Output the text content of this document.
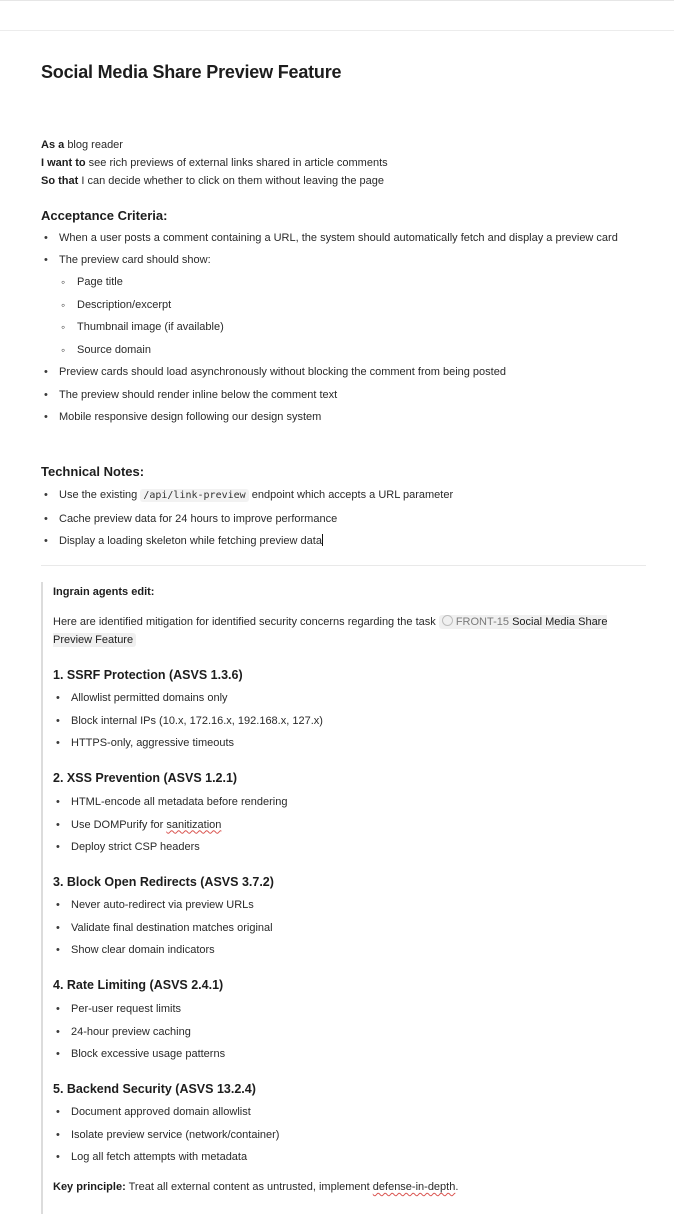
Social Media Share Preview Feature
As a blog reader
I want to see rich previews of external links shared in article comments
So that I can decide whether to click on them without leaving the page
Acceptance Criteria:
• When a user posts a comment containing a URL, the system should automatically fetch and display a preview card
• The preview card should show:
◦ Page title
◦ Description/excerpt
◦ Thumbnail image (if available)
◦ Source domain
• Preview cards should load asynchronously without blocking the comment from being posted
• The preview should render inline below the comment text
• Mobile responsive design following our design system
Technical Notes:
• Use the existing /api/link-preview endpoint which accepts a URL parameter
• Cache preview data for 24 hours to improve performance
• Display a loading skeleton while fetching preview data
Ingrain agents edit:
Here are identified mitigation for identified security concerns regarding the task FRONT-15 Social Media Share Preview Feature
1. SSRF Protection (ASVS 1.3.6)
• Allowlist permitted domains only
• Block internal IPs (10.x, 172.16.x, 192.168.x, 127.x)
• HTTPS-only, aggressive timeouts
2. XSS Prevention (ASVS 1.2.1)
• HTML-encode all metadata before rendering
• Use DOMPurify for sanitization
• Deploy strict CSP headers
3. Block Open Redirects (ASVS 3.7.2)
• Never auto-redirect via preview URLs
• Validate final destination matches original
• Show clear domain indicators
4. Rate Limiting (ASVS 2.4.1)
• Per-user request limits
• 24-hour preview caching
• Block excessive usage patterns
5. Backend Security (ASVS 13.2.4)
• Document approved domain allowlist
• Isolate preview service (network/container)
• Log all fetch attempts with metadata
Key principle: Treat all external content as untrusted, implement defense-in-depth.
